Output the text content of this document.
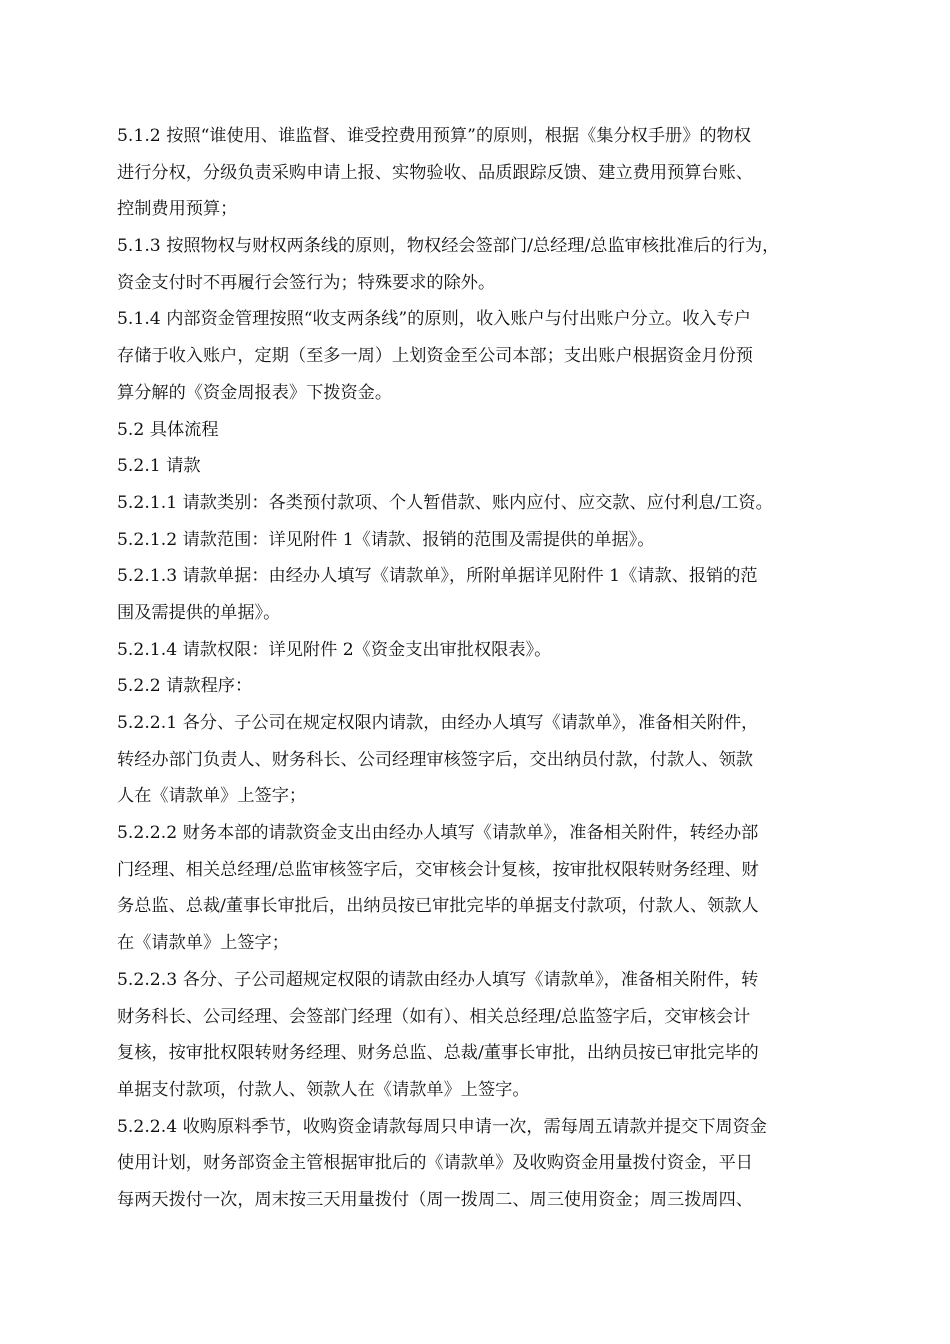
5.1.2 按照“谁使用、谁监督、谁受控费用预算”的原则，根据《集分权手册》的物权
进行分权，分级负责采购申请上报、实物验收、品质跟踪反馈、建立费用预算台账、
控制费用预算；
5.1.3 按照物权与财权两条线的原则，物权经会签部门/总经理/总监审核批准后的行为，
资金支付时不再履行会签行为；特殊要求的除外。
5.1.4 内部资金管理按照“收支两条线”的原则，收入账户与付出账户分立。收入专户
存储于收入账户，定期（至多一周）上划资金至公司本部；支出账户根据资金月份预
算分解的《资金周报表》下拨资金。
5.2 具体流程
5.2.1 请款
5.2.1.1 请款类别：各类预付款项、个人暂借款、账内应付、应交款、应付利息/工资。
5.2.1.2 请款范围：详见附件 1《请款、报销的范围及需提供的单据》。
5.2.1.3 请款单据：由经办人填写《请款单》，所附单据详见附件 1《请款、报销的范
围及需提供的单据》。
5.2.1.4 请款权限：详见附件 2《资金支出审批权限表》。
5.2.2 请款程序：
5.2.2.1 各分、子公司在规定权限内请款，由经办人填写《请款单》，准备相关附件，
转经办部门负责人、财务科长、公司经理审核签字后，交出纳员付款，付款人、领款
人在《请款单》上签字；
5.2.2.2 财务本部的请款资金支出由经办人填写《请款单》，准备相关附件，转经办部
门经理、相关总经理/总监审核签字后，交审核会计复核，按审批权限转财务经理、财
务总监、总裁/董事长审批后，出纳员按已审批完毕的单据支付款项，付款人、领款人
在《请款单》上签字；
5.2.2.3 各分、子公司超规定权限的请款由经办人填写《请款单》，准备相关附件，转
财务科长、公司经理、会签部门经理（如有）、相关总经理/总监签字后，交审核会计
复核，按审批权限转财务经理、财务总监、总裁/董事长审批，出纳员按已审批完毕的
单据支付款项，付款人、领款人在《请款单》上签字。
5.2.2.4 收购原料季节，收购资金请款每周只申请一次，需每周五请款并提交下周资金
使用计划，财务部资金主管根据审批后的《请款单》及收购资金用量拨付资金，平日
每两天拨付一次，周末按三天用量拨付（周一拨周二、周三使用资金；周三拨周四、
